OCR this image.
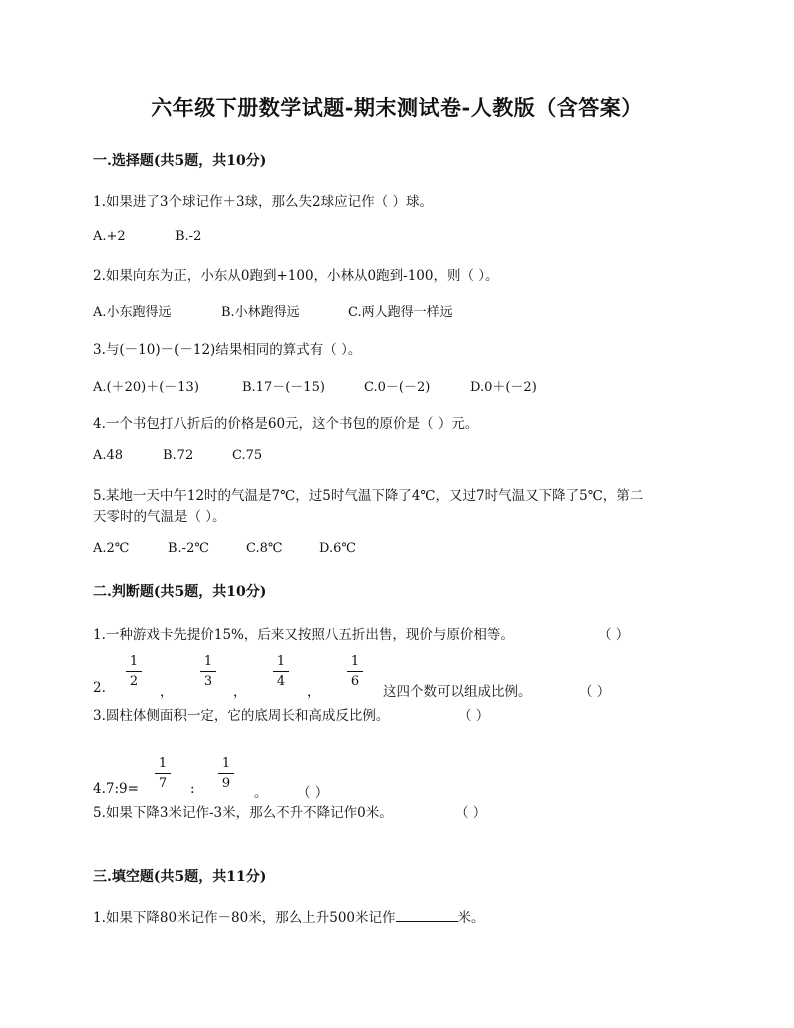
六年级下册数学试题-期末测试卷-人教版（含答案）
一.选择题(共5题，共10分)
1.如果进了3个球记作＋3球，那么失2球应记作（ ）球。
A.+2	B.-2
2.如果向东为正，小东从0跑到+100，小林从0跑到-100，则（ ）。
A.小东跑得远	B.小林跑得远	C.两人跑得一样远
3.与(－10)－(－12)结果相同的算式有（ ）。
A.(＋20)＋(－13)	B.17－(－15)	C.0－(－2)	D.0＋(－2)
4.一个书包打八折后的价格是60元，这个书包的原价是（ ）元。
A.48	B.72	C.75
5.某地一天中午12时的气温是7℃，过5时气温下降了4℃，又过7时气温又下降了5℃，第二
天零时的气温是（ ）。
A.2℃	B.-2℃	C.8℃	D.6℃
二.判断题(共5题，共10分)
1.一种游戏卡先提价15%，后来又按照八五折出售，现价与原价相等。	（ ）
2.
1
2
，
1
3
，
1
4
，
1
6
这四个数可以组成比例。	（ ）
3.圆柱体侧面积一定，它的底周长和高成反比例。	（ ）
4.7:9=
1
7 :
1
9
。 （ ）
5.如果下降3米记作-3米，那么不升不降记作0米。	（ ）
三.填空题(共5题，共11分)
1.如果下降80米记作－80米，那么上升500米记作	米。
